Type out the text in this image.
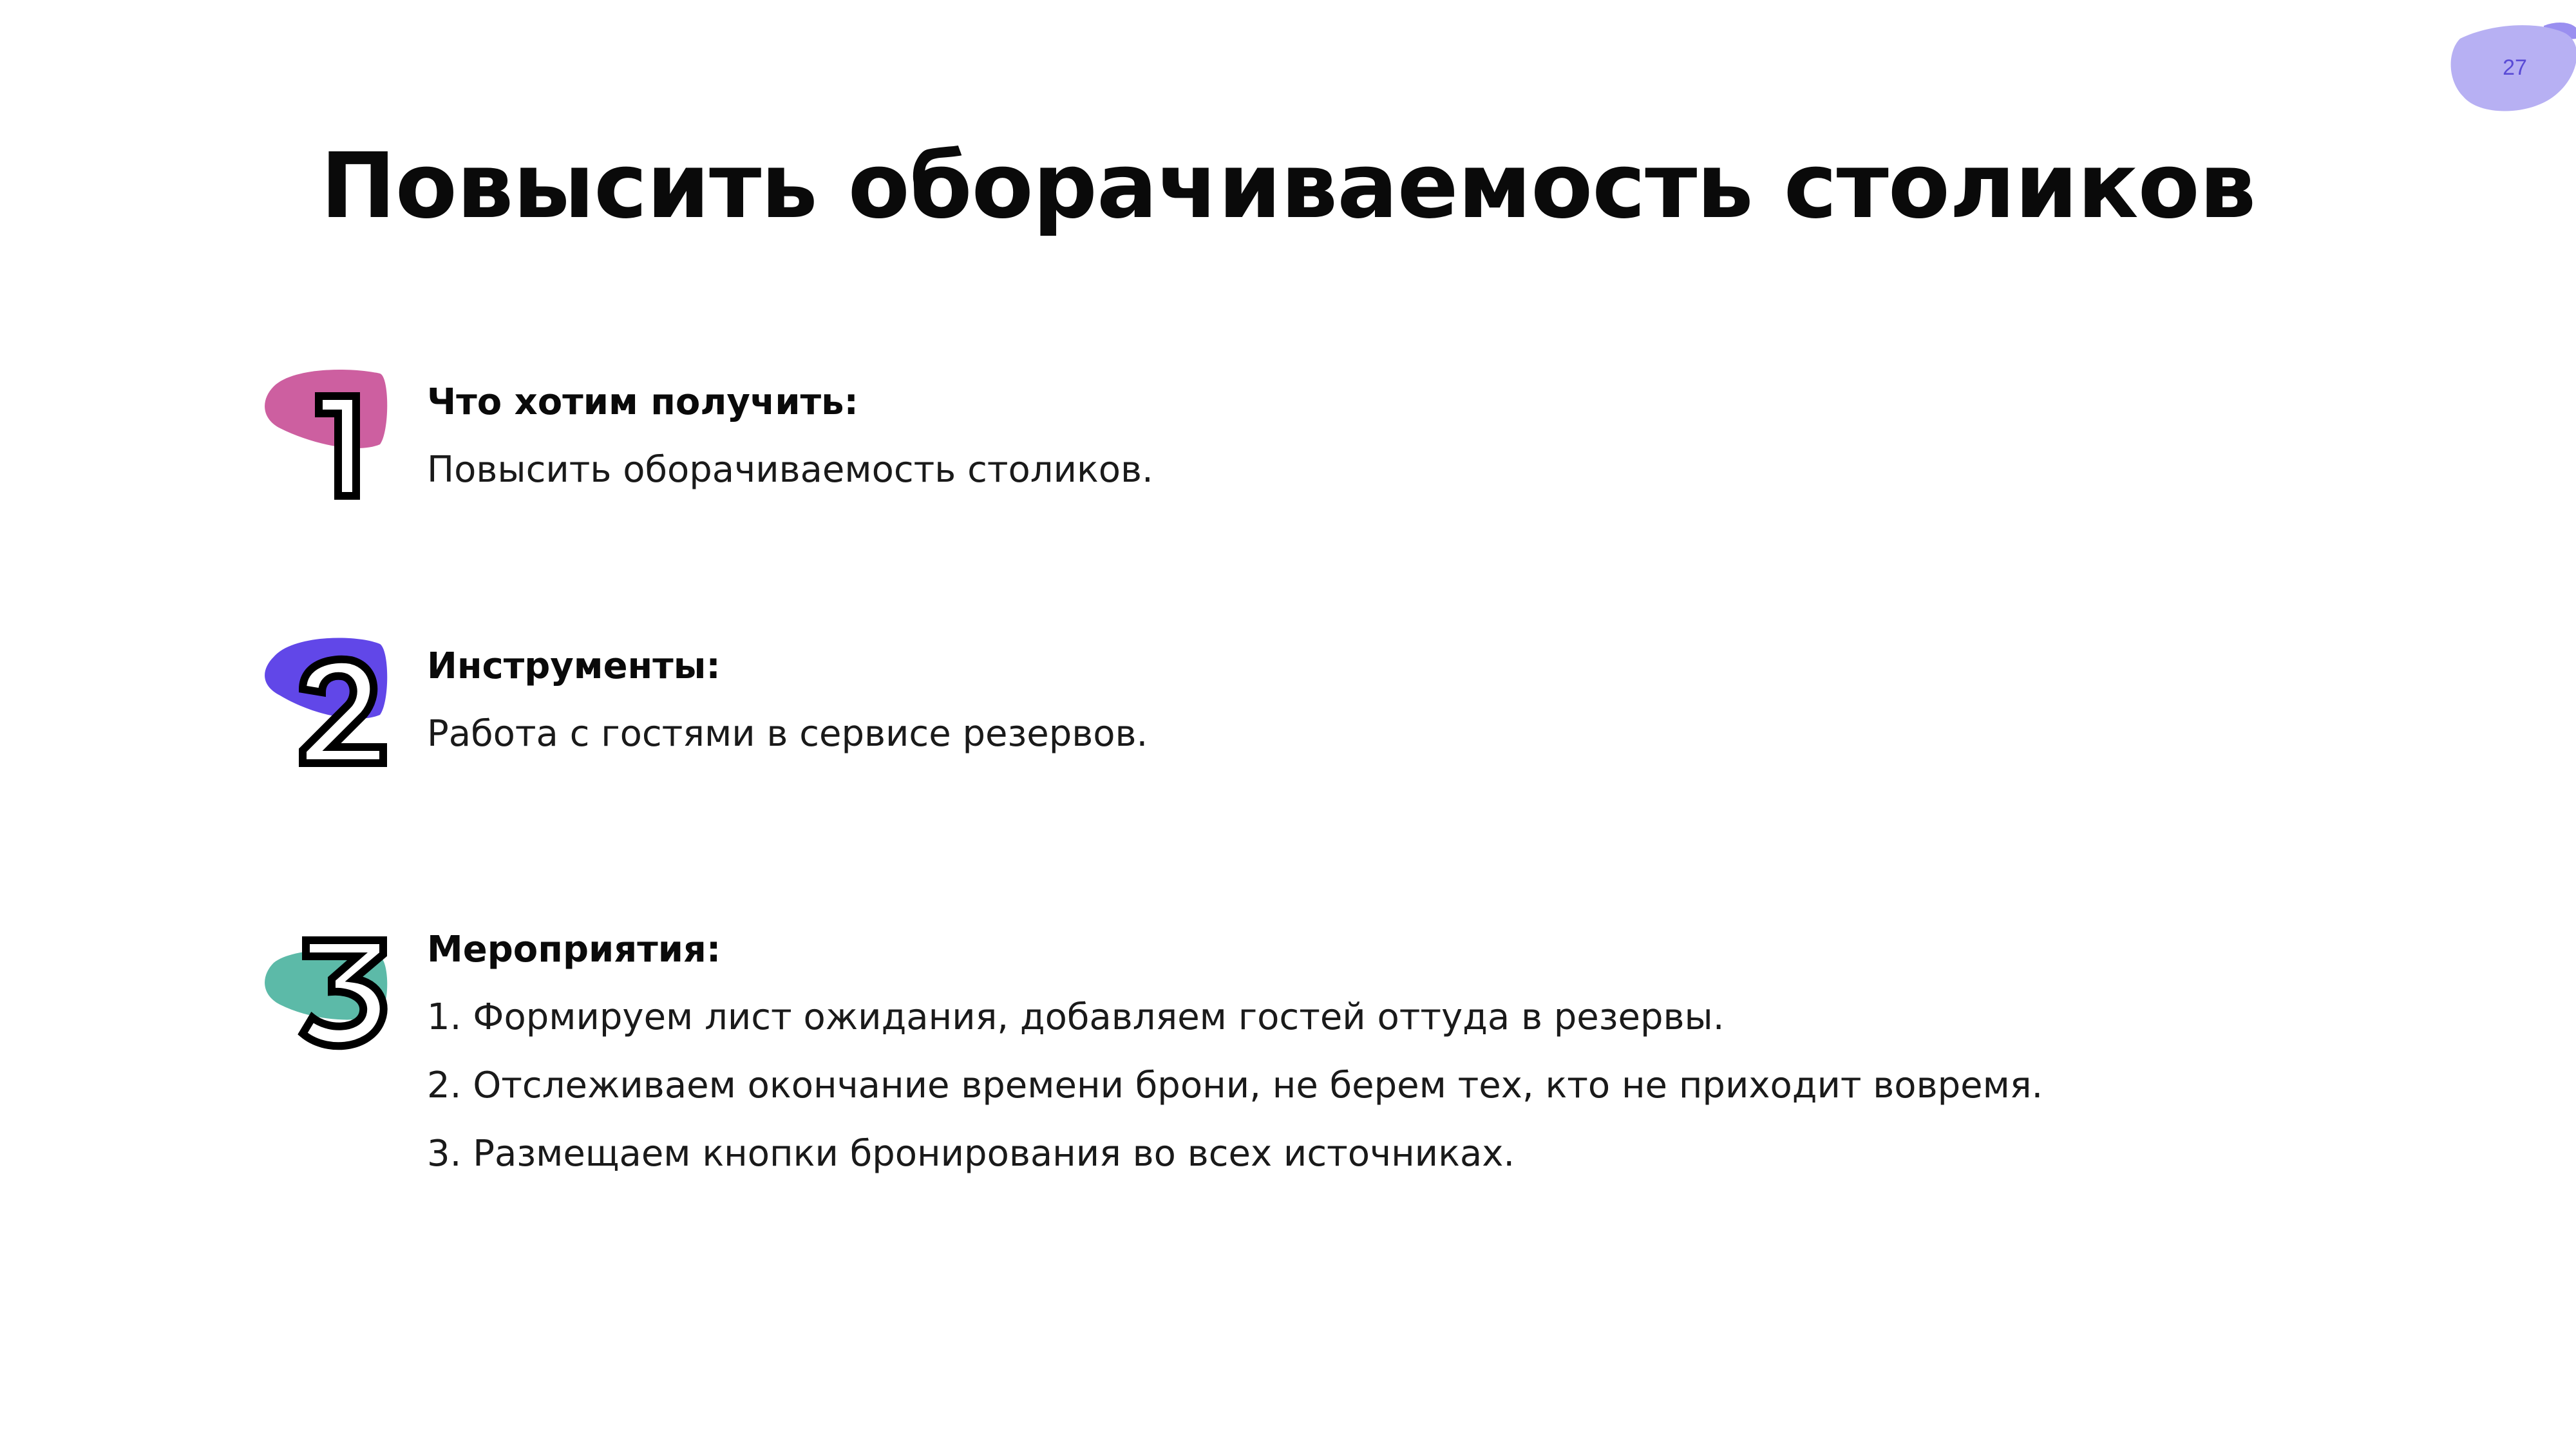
27
Повысить оборачиваемость столиков
Что хотим получить:
Повысить оборачиваемость столиков.
Инструменты:
Работа с гостями в сервисе резервов.
Мероприятия:
1. Формируем лист ожидания, добавляем гостей оттуда в резервы.
2. Отслеживаем окончание времени брони, не берем тех, кто не приходит вовремя.
3. Размещаем кнопки бронирования во всех источниках.
